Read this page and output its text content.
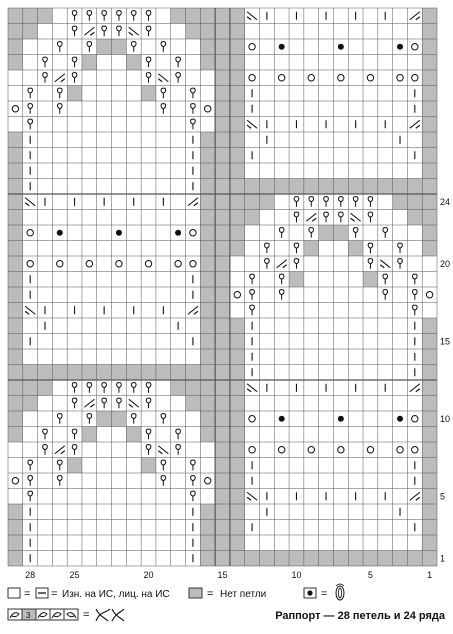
28	25	20	15	10	5	1
24
20
15
10
5
1
= = Изн. на ИС, лиц. на ИС	= Нет петли	=
3	=	Раппорт — 28 петель и 24 ряда
